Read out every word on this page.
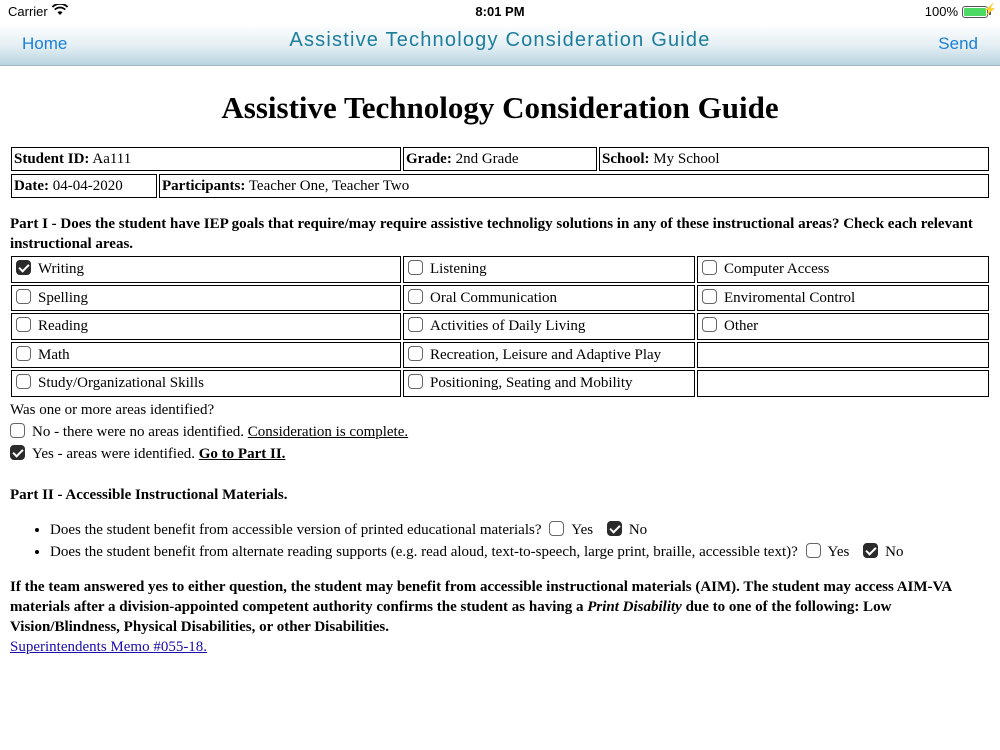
Carrier	8:01 PM	100% ⚡
Home	Assistive Technology Consideration Guide	Send
Assistive Technology Consideration Guide
Student ID: Aa111	Grade: 2nd Grade	School: My School
Date: 04-04-2020	Participants: Teacher One, Teacher Two
Part I - Does the student have IEP goals that require/may require assistive technoligy solutions in any of these instructional areas? Check each relevant instructional areas.
Writing	Listening	Computer Access
Spelling	Oral Communication	Enviromental Control
Reading	Activities of Daily Living	Other
Math	Recreation, Leisure and Adaptive Play	
Study/Organizational Skills	Positioning, Seating and Mobility	
Was one or more areas identified?
No - there were no areas identified. Consideration is complete.
Yes - areas were identified. Go to Part II.
Part II - Accessible Instructional Materials.
• Does the student benefit from accessible version of printed educational materials? Yes No
• Does the student benefit from alternate reading supports (e.g. read aloud, text-to-speech, large print, braille, accessible text)? Yes No
If the team answered yes to either question, the student may benefit from accessible instructional materials (AIM). The student may access AIM-VA materials after a division-appointed competent authority confirms the student as having a Print Disability due to one of the following: Low Vision/Blindness, Physical Disabilities, or other Disabilities.
Superintendents Memo #055-18.
